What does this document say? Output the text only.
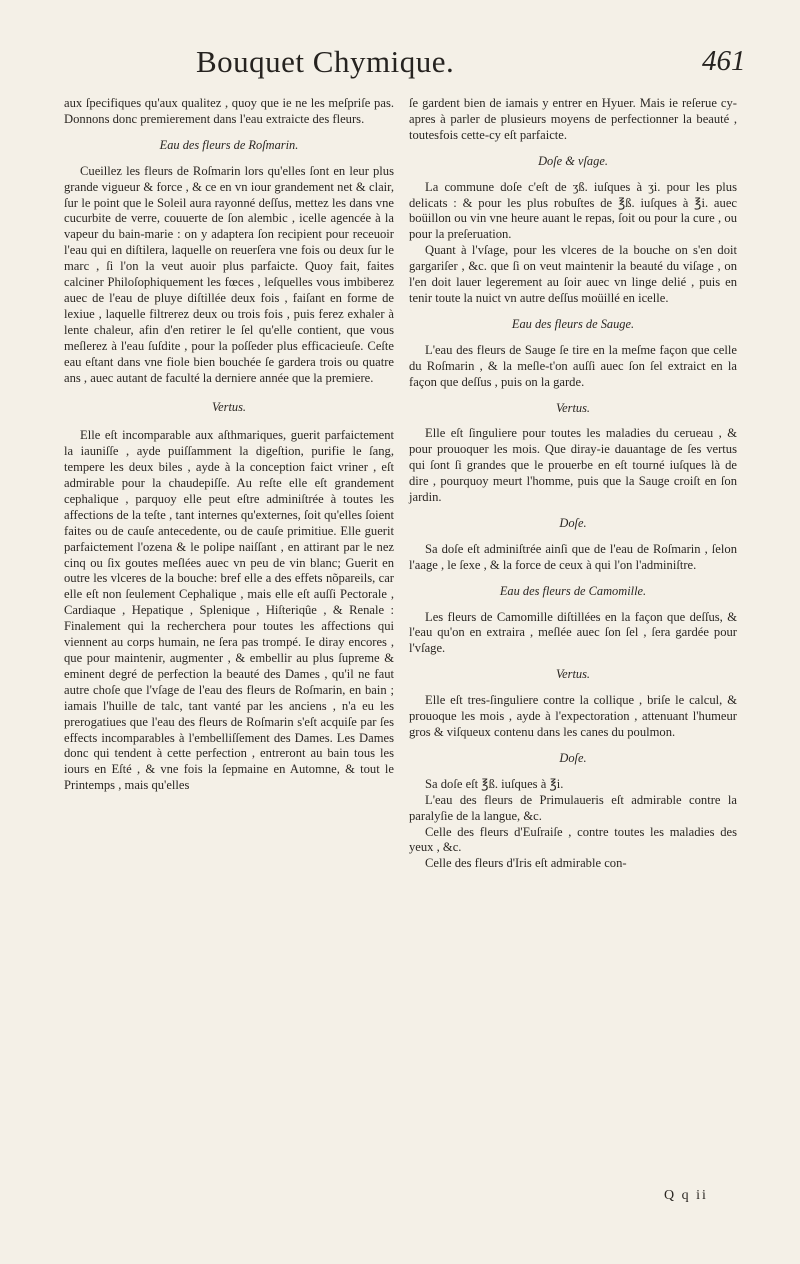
Bouquet Chymique.	461

aux ſpecifiques qu'aux qualitez , quoy que ie ne les meſpriſe pas. Donnons donc premierement dans l'eau extraicte des fleurs.

Eau des fleurs de Roſmarin.

Cueillez les fleurs de Roſmarin lors qu'elles ſont en leur plus grande vigueur & force , & ce en vn iour grandement net & clair, ſur le point que le Soleil aura rayonné deſſus, mettez les dans vne cucurbite de verre, couuerte de ſon alembic , icelle agencée à la vapeur du bain-marie : on y adaptera ſon recipient pour receuoir l'eau qui en diſtilera, laquelle on reuerſera vne fois ou deux ſur le marc , ſi l'on la veut auoir plus parfaicte. Quoy fait, faites calciner Philoſophiquement les fœces , leſquelles vous imbiberez auec de l'eau de pluye diſtillée deux fois , faiſant en forme de lexiue , laquelle filtrerez deux ou trois fois , puis ferez exhaler à lente chaleur, afin d'en retirer le ſel qu'elle contient, que vous meſlerez à l'eau ſuſdite , pour la poſſeder plus efficacieuſe. Ceſte eau eſtant dans vne fiole bien bouchée ſe gardera trois ou quatre ans , auec autant de faculté la derniere année que la premiere.

Vertus.

Elle eſt incomparable aux aſthmariques, guerit parfaictement la iauniſſe , ayde puiſſamment la digeſtion, purifie le ſang, tempere les deux biles , ayde à la conception faict vriner , eſt admirable pour la chaudepiſſe. Au reſte elle eſt grandement cephalique , parquoy elle peut eſtre adminiſtrée à toutes les affections de la teſte , tant internes qu'externes, ſoit qu'elles ſoient faites ou de cauſe antecedente, ou de cauſe primitiue. Elle guerit parfaictement l'ozena & le polipe naiſſant , en attirant par le nez cinq ou ſix goutes meſlées auec vn peu de vin blanc; Guerit en outre les vlceres de la bouche: bref elle a des effets nõpareils, car elle eſt non ſeulement Cephalique , mais elle eſt auſſi Pectorale , Cardiaque , Hepatique , Splenique , Hiſteriqûe , & Renale : Finalement qui la recherchera pour toutes les affections qui viennent au corps humain, ne ſera pas trompé. Ie diray encores , que pour maintenir, augmenter , & embellir au plus ſupreme & eminent degré de perfection la beauté des Dames , qu'il ne faut autre choſe que l'vſage de l'eau des fleurs de Roſmarin, en bain ; iamais l'huille de talc, tant vanté par les anciens , n'a eu les prerogatiues que l'eau des fleurs de Roſmarin s'eſt acquiſe par ſes effects incomparables à l'embelliſſement des Dames. Les Dames donc qui tendent à cette perfection , entreront au bain tous les iours en Eſté , & vne fois la ſepmaine en Automne, & tout le Printemps , mais qu'elles

ſe gardent bien de iamais y entrer en Hyuer. Mais ie reſerue cy-apres à parler de plusieurs moyens de perfectionner la beauté , toutesfois cette-cy eſt parfaicte.

Doſe & vſage.

La commune doſe c'eſt de ʒß. iuſques à ʒi. pour les plus delicats : & pour les plus robuſtes de ℥ß. iuſques à ℥i. auec boüillon ou vin vne heure auant le repas, ſoit ou pour la cure , ou pour la preſeruation.

Quant à l'vſage, pour les vlceres de la bouche on s'en doit gargariſer , &c. que ſi on veut maintenir la beauté du viſage , on l'en doit lauer legerement au ſoir auec vn linge delié , puis en tenir toute la nuict vn autre deſſus moüillé en icelle.

Eau des fleurs de Sauge.

L'eau des fleurs de Sauge ſe tire en la meſme façon que celle du Roſmarin , & la meſle-t'on auſſi auec ſon ſel extraict en la façon que deſſus , puis on la garde.

Vertus.

Elle eſt ſinguliere pour toutes les maladies du cerueau , & pour prouoquer les mois. Que diray-ie dauantage de ſes vertus qui ſont ſi grandes que le prouerbe en eſt tourné iuſques là de dire , pourquoy meurt l'homme, puis que la Sauge croiſt en ſon jardin.

Doſe.

Sa doſe eſt adminiſtrée ainſi que de l'eau de Roſmarin , ſelon l'aage , le ſexe , & la force de ceux à qui l'on l'adminiſtre.

Eau des fleurs de Camomille.

Les fleurs de Camomille diſtillées en la façon que deſſus, & l'eau qu'on en extraira , meſlée auec ſon ſel , ſera gardée pour l'vſage.

Vertus.

Elle eſt tres-ſinguliere contre la collique , briſe le calcul, & prouoque les mois , ayde à l'expectoration , attenuant l'humeur gros & viſqueux contenu dans les canes du poulmon.

Doſe.

Sa doſe eſt ℥ß. iuſques à ℥i.

L'eau des fleurs de Primulaueris eſt admirable contre la paralyſie de la langue, &c.

Celle des fleurs d'Euſraiſe , contre toutes les maladies des yeux , &c.

Celle des fleurs d'Iris eſt admirable con-

Q q ii
